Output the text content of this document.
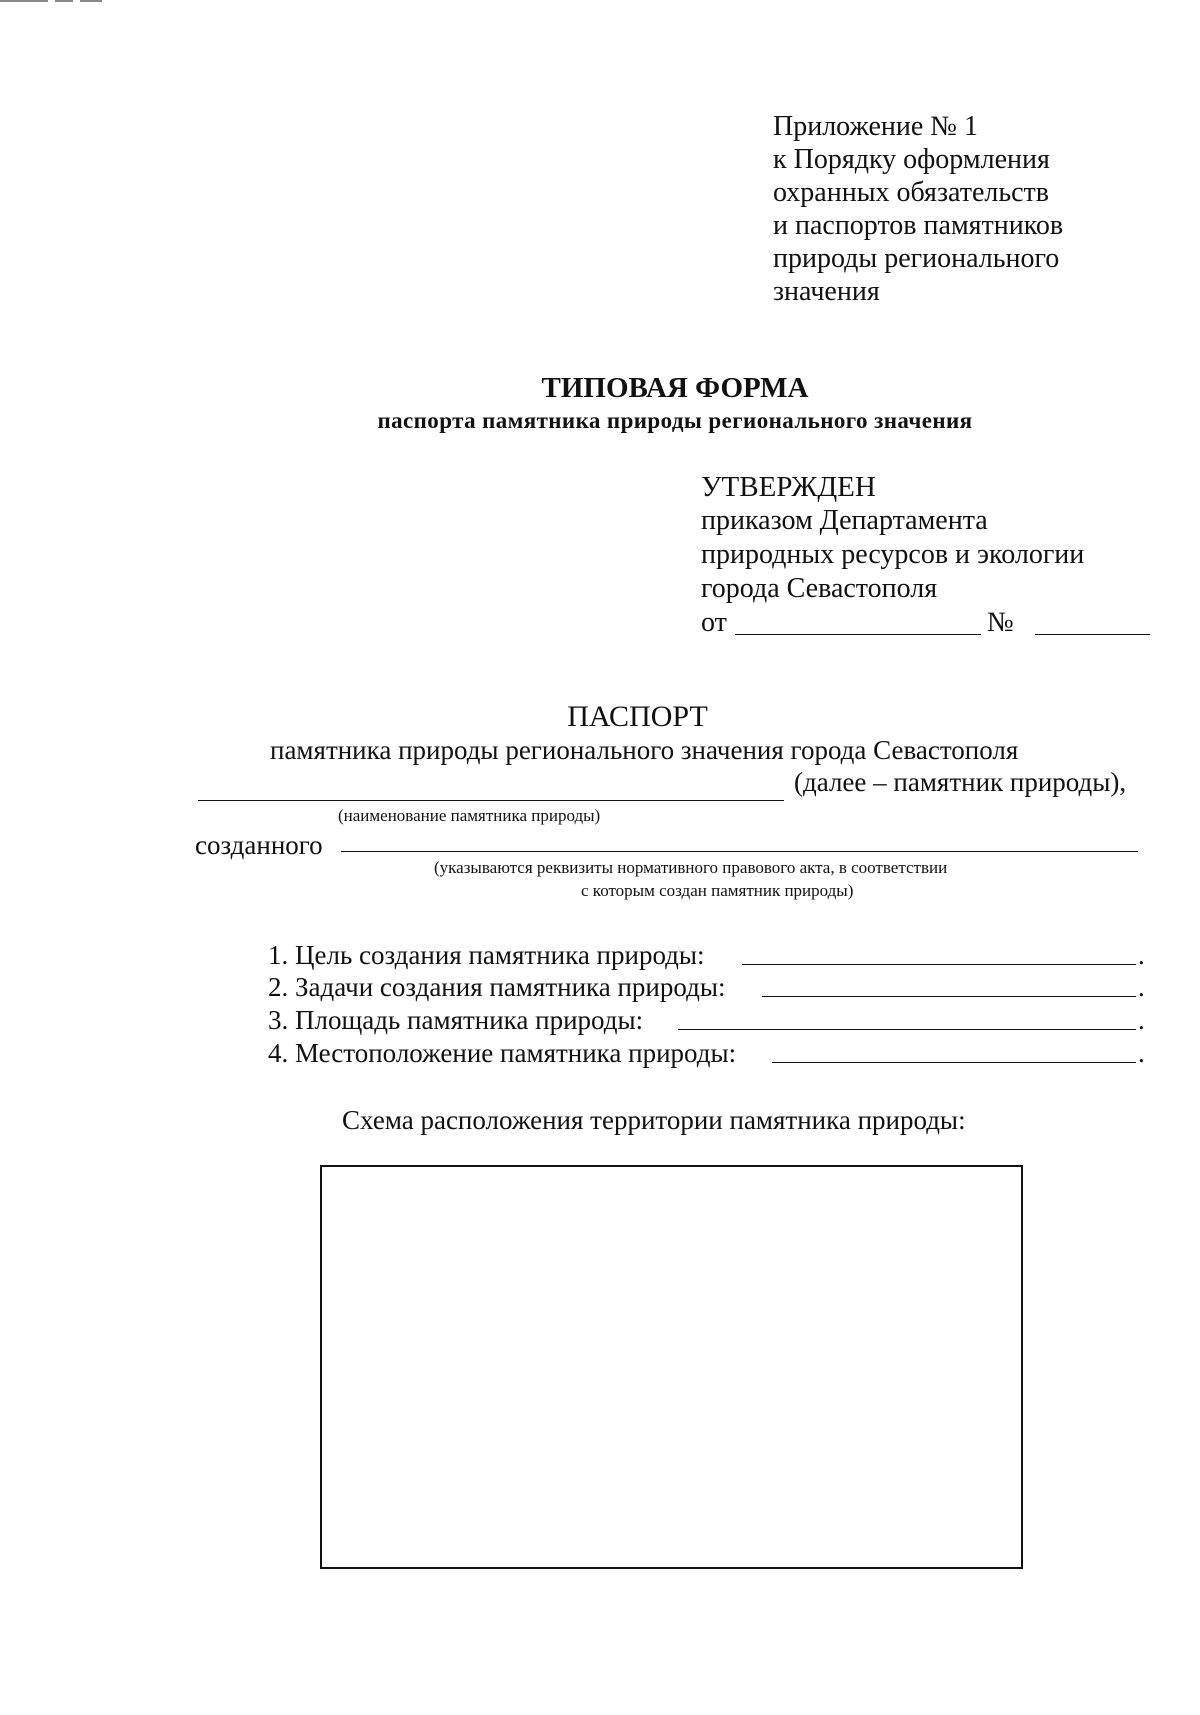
Приложение № 1
к Порядку оформления
охранных обязательств
и паспортов памятников
природы регионального
значения
ТИПОВАЯ ФОРМА
паспорта памятника природы регионального значения
УТВЕРЖДЕН
приказом Департамента
природных ресурсов и экологии
города Севастополя
от	№
ПАСПОРТ
памятника природы регионального значения города Севастополя
(далее – памятник природы),
(наименование памятника природы)
созданного
(указываются реквизиты нормативного правового акта, в соответствии
с которым создан памятник природы)
1. Цель создания памятника природы:	.
2. Задачи создания памятника природы:	.
3. Площадь памятника природы:	.
4. Местоположение памятника природы:	.
Схема расположения территории памятника природы:
